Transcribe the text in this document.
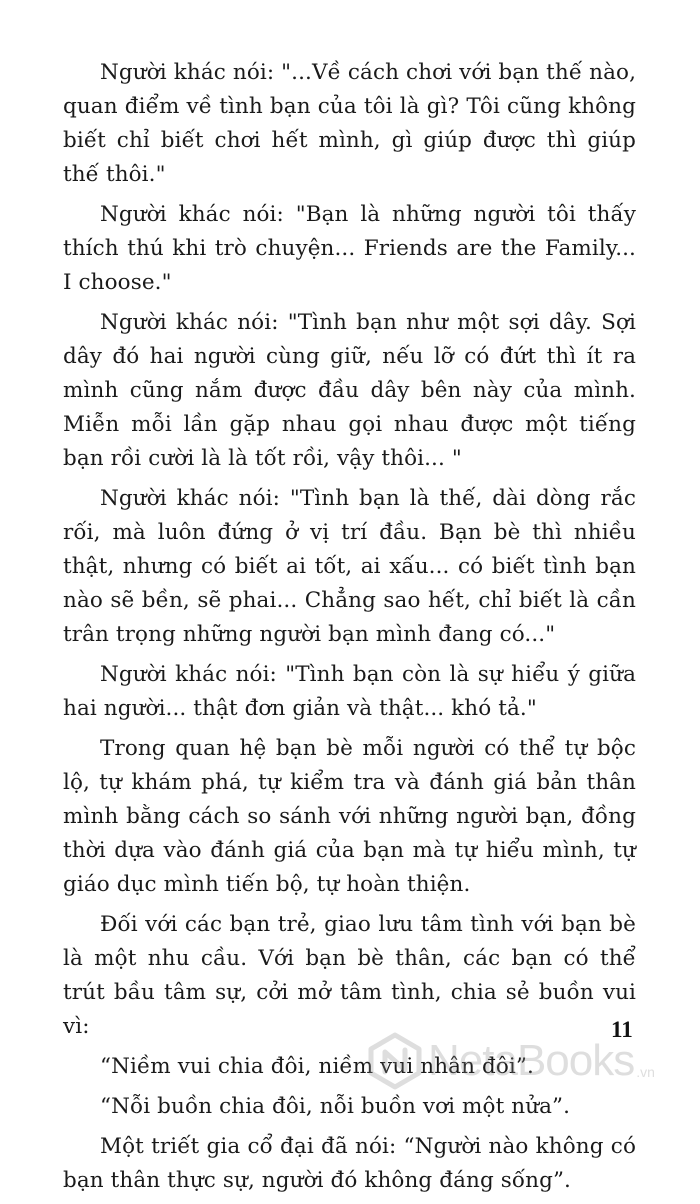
Người khác nói: "...Về cách chơi với bạn thế nào, quan điểm về tình bạn của tôi là gì? Tôi cũng không biết chỉ biết chơi hết mình, gì giúp được thì giúp thế thôi."

Người khác nói: "Bạn là những người tôi thấy thích thú khi trò chuyện... Friends are the Family... I choose."

Người khác nói: "Tình bạn như một sợi dây. Sợi dây đó hai người cùng giữ, nếu lỡ có đứt thì ít ra mình cũng nắm được đầu dây bên này của mình. Miễn mỗi lần gặp nhau gọi nhau được một tiếng bạn rồi cười là là tốt rồi, vậy thôi... "

Người khác nói: "Tình bạn là thế, dài dòng rắc rối, mà luôn đứng ở vị trí đầu. Bạn bè thì nhiều thật, nhưng có biết ai tốt, ai xấu... có biết tình bạn nào sẽ bền, sẽ phai... Chẳng sao hết, chỉ biết là cần trân trọng những người bạn mình đang có..."

Người khác nói: "Tình bạn còn là sự hiểu ý giữa hai người... thật đơn giản và thật... khó tả."

Trong quan hệ bạn bè mỗi người có thể tự bộc lộ, tự khám phá, tự kiểm tra và đánh giá bản thân mình bằng cách so sánh với những người bạn, đồng thời dựa vào đánh giá của bạn mà tự hiểu mình, tự giáo dục mình tiến bộ, tự hoàn thiện.

Đối với các bạn trẻ, giao lưu tâm tình với bạn bè là một nhu cầu. Với bạn bè thân, các bạn có thể trút bầu tâm sự, cởi mở tâm tình, chia sẻ buồn vui vì:

“Niềm vui chia đôi, niềm vui nhân đôi”.

“Nỗi buồn chia đôi, nỗi buồn vơi một nửa”.

Một triết gia cổ đại đã nói: “Người nào không có bạn thân thực sự, người đó không đáng sống”.

11
NetaBooks .vn
